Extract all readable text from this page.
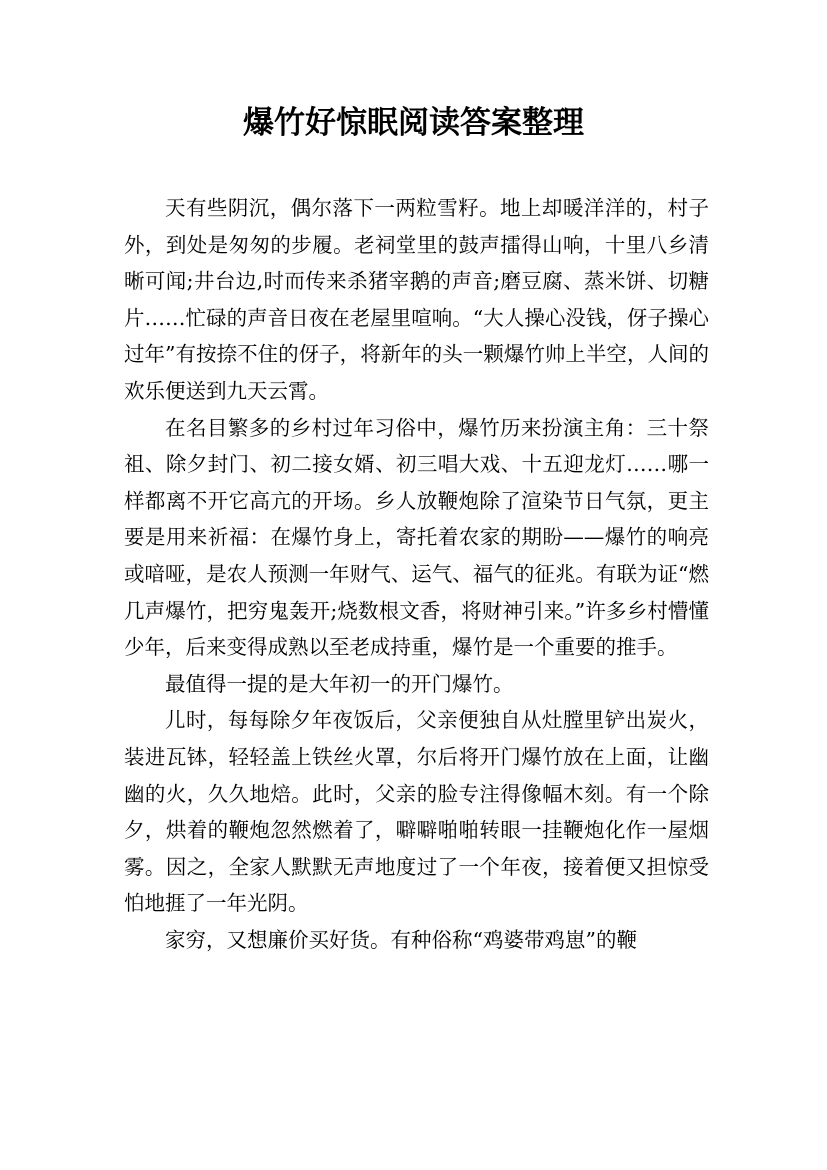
爆竹好惊眠阅读答案整理

天有些阴沉，偶尔落下一两粒雪籽。地上却暖洋洋的，村子外，到处是匆匆的步履。老祠堂里的鼓声擂得山响，十里八乡清晰可闻;井台边,时而传来杀猪宰鹅的声音;磨豆腐、蒸米饼、切糖片……忙碌的声音日夜在老屋里喧响。“大人操心没钱，伢子操心过年”有按捺不住的伢子，将新年的头一颗爆竹帅上半空，人间的欢乐便送到九天云霄。

在名目繁多的乡村过年习俗中，爆竹历来扮演主角：三十祭祖、除夕封门、初二接女婿、初三唱大戏、十五迎龙灯……哪一样都离不开它高亢的开场。乡人放鞭炮除了渲染节日气氛，更主要是用来祈福：在爆竹身上，寄托着农家的期盼——爆竹的响亮或喑哑，是农人预测一年财气、运气、福气的征兆。有联为证“燃几声爆竹，把穷鬼轰开;烧数根文香，将财神引来。”许多乡村懵懂少年，后来变得成熟以至老成持重，爆竹是一个重要的推手。

最值得一提的是大年初一的开门爆竹。

儿时，每每除夕年夜饭后，父亲便独自从灶膛里铲出炭火，装进瓦钵，轻轻盖上铁丝火罩，尔后将开门爆竹放在上面，让幽幽的火，久久地焙。此时，父亲的脸专注得像幅木刻。有一个除夕，烘着的鞭炮忽然燃着了，噼噼啪啪转眼一挂鞭炮化作一屋烟雾。因之，全家人默默无声地度过了一个年夜，接着便又担惊受怕地捱了一年光阴。

家穷，又想廉价买好货。有种俗称“鸡婆带鸡崽”的鞭
